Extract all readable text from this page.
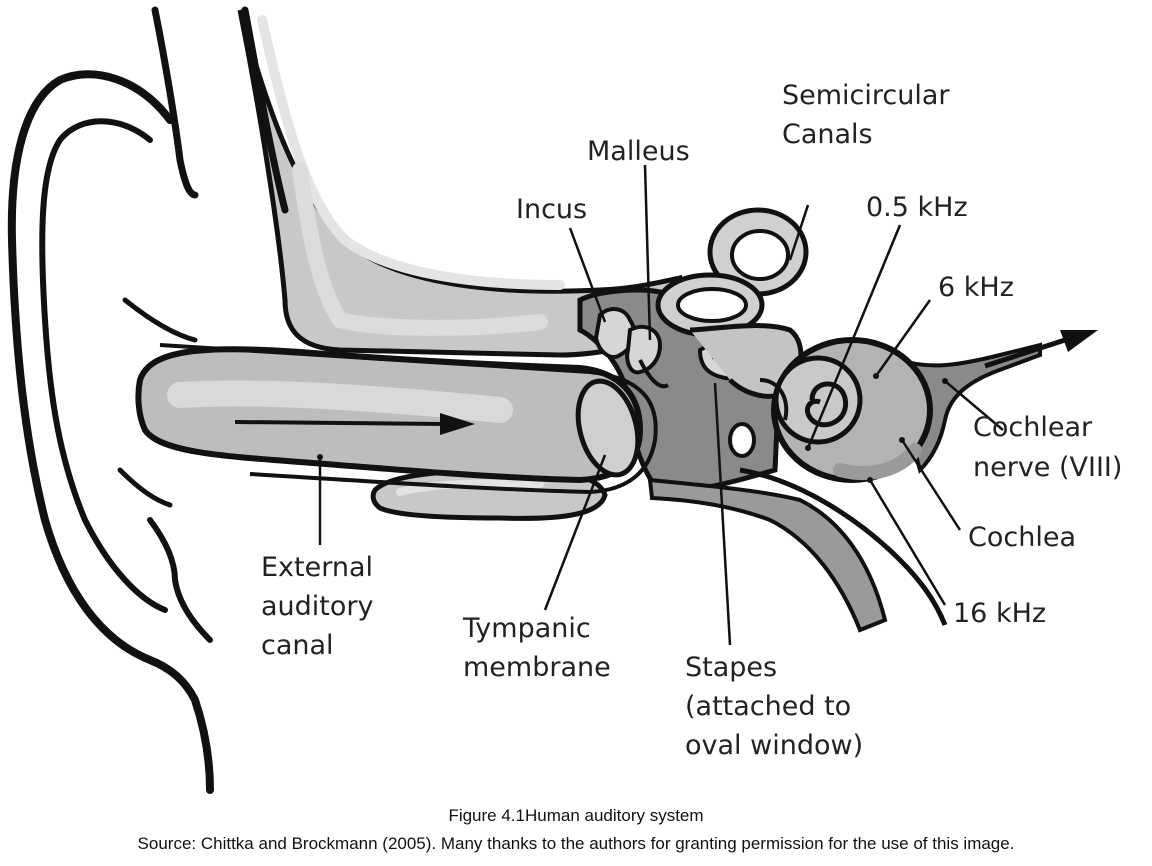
Semicircular
Canals
Malleus
Incus	0.5 kHz
6 kHz
Cochlear
nerve (VIII)
Cochlea
16 kHz
External
auditory
canal
Tympanic
membrane	Stapes
(attached to
oval window)
Figure 4.1Human auditory system
Source: Chittka and Brockmann (2005). Many thanks to the authors for granting permission for the use of this image.
